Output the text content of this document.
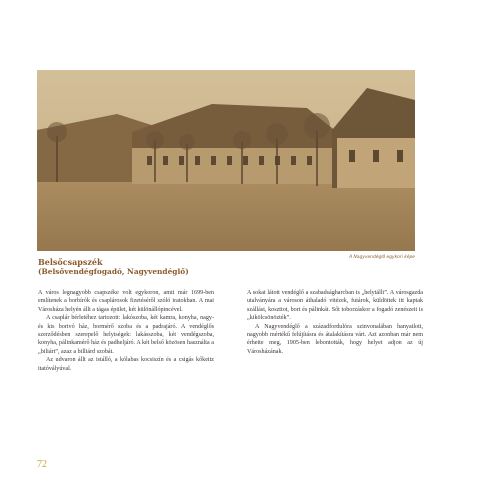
A Nagyvendéglő egykori képe
Belsőcsapszék
(Belsővendégfogadó, Nagyvendéglő)

A város legnagyobb csapszéke volt egykoron, amit már 1699-ben említenek a borbírók és csaplárosok fizetéséről szóló iratokban. A mai Városháza helyén állt a tágas épület, két különállópincével.

A csaplár bérletéhez tartozott: lakószoba, két kamra, konyha, nagy- és kis borivó ház, bormérő szoba és a padrajáró. A vendéglős szerződésben szerepelő helyiségek: lakásszoba, két vendégszoba, konyha, pálinkamérő ház és padheljáró. A két belső közösen használta a „biliárt”, azaz a billiárd szobát.

Az udvaron állt az istálló, a kólabas kocsiszín és a csigás kőkeitz itatóvályúval.

A sokat látott vendéglő a szabadságharcban is „helytállt”. A városgazda utalványára a városon áthaladó vitézek, futárok, küldöttek itt kaptak szállást, koszttot, bort és pálinkát. Sőt toborzáskor a fogadó zenészeit is „kikölcsönözték”.

A Nagyvendéglő a századfordulóra szinvonalában hanyatlott, nagyobb mértékű felújításra és átalakításra várt. Azt azonban már nem érhette meg, 1905-ben lebontották, hogy helyet adjon az új Városházának.

72
